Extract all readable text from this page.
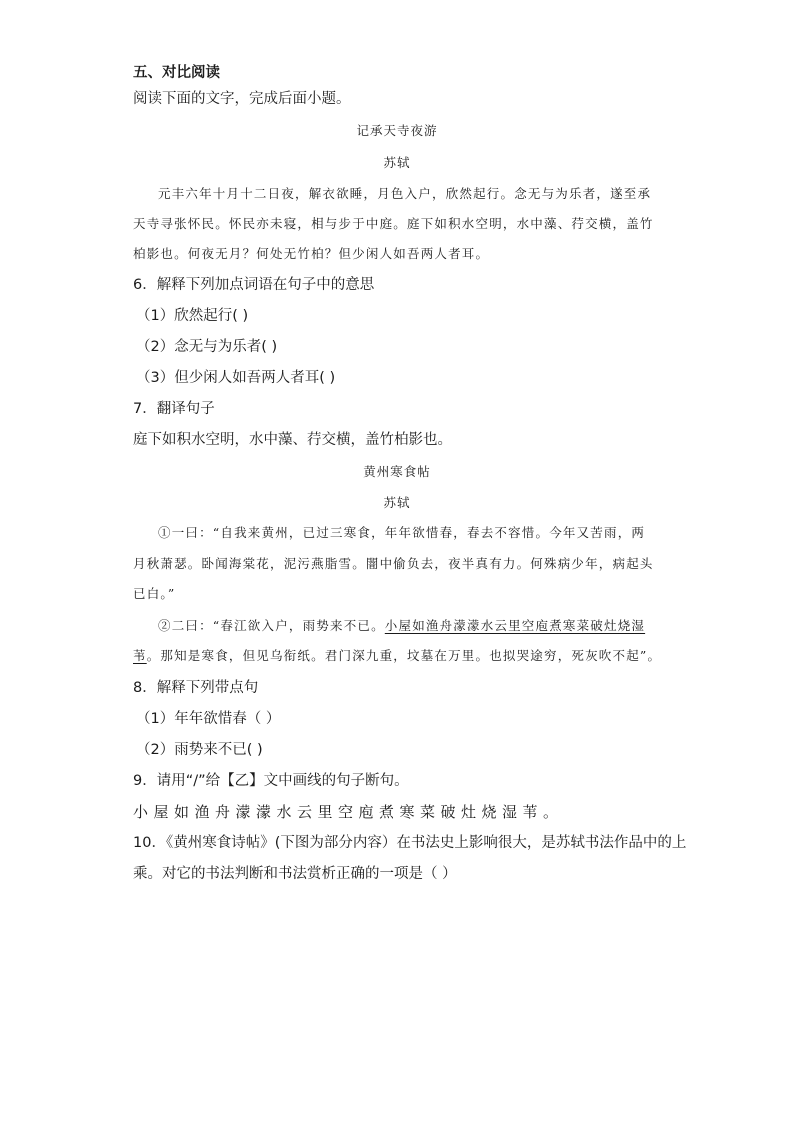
五、对比阅读
阅读下面的文字，完成后面小题。
记承天寺夜游
苏轼
元丰六年十月十二日夜，解衣欲睡，月色入户，欣然起行。念无与为乐者，遂至承
天寺寻张怀民。怀民亦未寝，相与步于中庭。庭下如积水空明，水中藻、荇交横，盖竹
柏影也。何夜无月？何处无竹柏？但少闲人如吾两人者耳。
6．解释下列加点词语在句子中的意思
（1）欣然起行( )
（2）念无与为乐者( )
（3）但少闲人如吾两人者耳( )
7．翻译句子
庭下如积水空明，水中藻、荇交横，盖竹柏影也。
黄州寒食帖
苏轼
①一曰：“自我来黄州，已过三寒食，年年欲惜春，春去不容惜。今年又苦雨，两
月秋萧瑟。卧闻海棠花，泥污燕脂雪。闇中偷负去，夜半真有力。何殊病少年，病起头
已白。”
②二曰：“春江欲入户，雨势来不已。小屋如渔舟濛濛水云里空庖煮寒菜破灶烧湿
苇。那知是寒食，但见乌衔纸。君门深九重，坟墓在万里。也拟哭途穷，死灰吹不起”。
8．解释下列带点句
（1）年年欲惜春（ ）
（2）雨势来不已( )
9．请用“/”给【乙】文中画线的句子断句。
小屋如渔舟濛濛水云里空庖煮寒菜破灶烧湿苇。
10．《黄州寒食诗帖》(下图为部分内容）在书法史上影响很大，是苏轼书法作品中的上
乘。对它的书法判断和书法赏析正确的一项是（ ）
